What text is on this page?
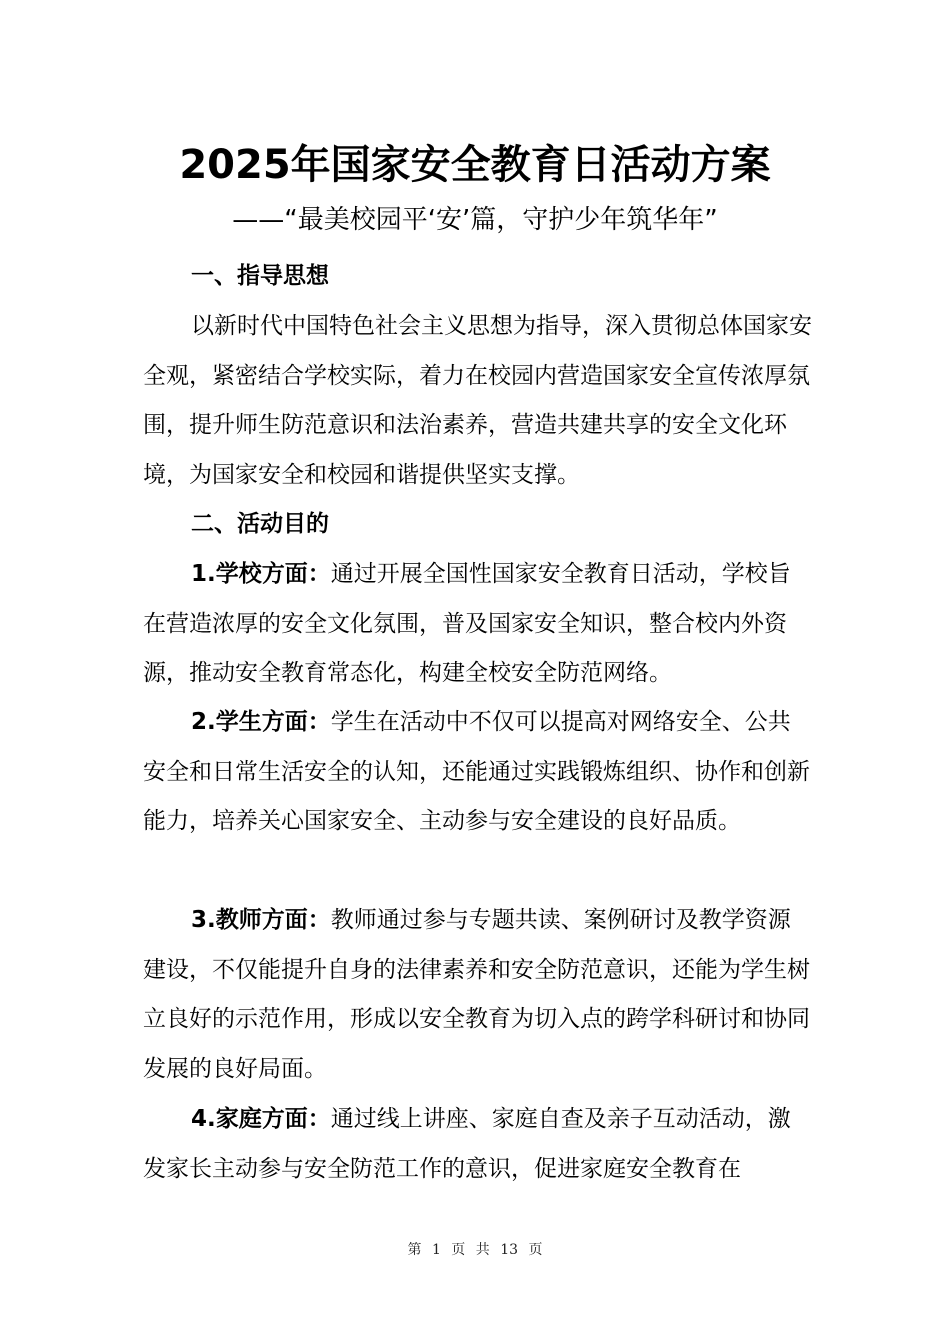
2025年国家安全教育日活动方案
——“最美校园平‘安’篇，守护少年筑华年”

一、指导思想

以新时代中国特色社会主义思想为指导，深入贯彻总体国家安全观，紧密结合学校实际，着力在校园内营造国家安全宣传浓厚氛围，提升师生防范意识和法治素养，营造共建共享的安全文化环境，为国家安全和校园和谐提供坚实支撑。

二、活动目的

1.学校方面：通过开展全国性国家安全教育日活动，学校旨在营造浓厚的安全文化氛围，普及国家安全知识，整合校内外资源，推动安全教育常态化，构建全校安全防范网络。

2.学生方面：学生在活动中不仅可以提高对网络安全、公共安全和日常生活安全的认知，还能通过实践锻炼组织、协作和创新能力，培养关心国家安全、主动参与安全建设的良好品质。

3.教师方面：教师通过参与专题共读、案例研讨及教学资源建设，不仅能提升自身的法律素养和安全防范意识，还能为学生树立良好的示范作用，形成以安全教育为切入点的跨学科研讨和协同发展的良好局面。

4.家庭方面：通过线上讲座、家庭自查及亲子互动活动，激发家长主动参与安全防范工作的意识，促进家庭安全教育在

第 1 页 共 13 页
